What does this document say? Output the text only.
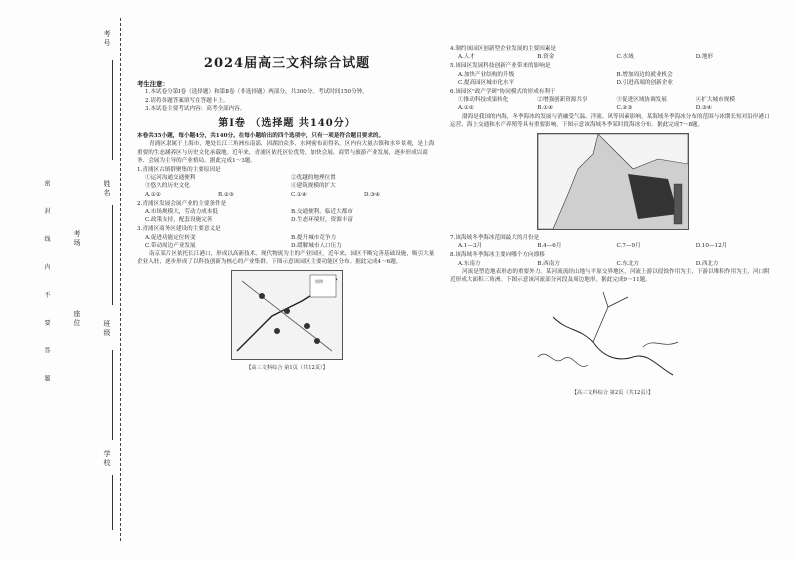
考号
姓名
班级
学校
考场
座位
密 封 线 内 不 要 答 题
2024届高三文科综合试题
考生注意：
1.本试卷分第Ⅰ卷（选择题）和第Ⅱ卷（非选择题）两部分，共300分。考试时间150分钟。
2.请将各题答案填写在答题卡上。
3.本试卷主要考试内容：高考全部内容。
第Ⅰ卷 （选择题 共140分）
本卷共35小题，每小题4分，共140分。在每小题给出的四个选项中，只有一项是符合题目要求的。
青浦区隶属于上海市，地处长江三角洲东南部，因湖泊众多、水网密布而得名。区内有大量古镇和水乡景观，是上海重要的生态涵养区与历史文化承载地。近年来，青浦区依托区位优势，加快会展、商贸与旅游产业发展，逐步形成以商务、会展为主导的产业格局。据此完成1～3题。
1.青浦区古镇群聚集的主要原因是
①运河沟通交通便利	②优越的地理位置
③悠久的历史文化	④建筑规模的扩大
A.①②	B.②③	C.①④	D.③④
2.青浦区发展会展产业的主要条件是
A.市场规模大，劳动力成本低	B.交通便利，临近大都市
C.政策支持，配套设施完善	D.生态环境好，资源丰富
3.青浦区商务区建设的主要意义是
A.促进功能定位转变	B.提升城市竞争力
C.带动周边产业发展	D.缓解城市人口压力
南京某片区依托长江港口，形成以高新技术、现代物流为主的产业园区。近年来，园区不断完善基础设施，吸引大量企业入驻，逐步形成了以科技创新为核心的产业集群。下图示意该园区主要功能区分布。据此完成4～6题。
图例
【高三文科综合 第1页（共12页）】
4.制约该园区创新型企业发展的主要因素是
A.人才	B.资金	C.水域	D.地形
5.该园区发展科技创新产业带来的影响是
A.加快产业结构的升级	B.增加周边的就业机会
C.提高园区城市化水平	D.引进高端的创新企业
6.该园区"政产学研"协同模式的形成有利于
①推动科技成果转化	②增强创新资源共享	③促进区域协调发展	④扩大城市规模
A.①②	B.①④	C.②③	D.③④
渤海是我国的内海，冬季海冰的发展与消融受气温、洋流、风等因素影响。某海域冬季海冰分布的范围与冰期长短对沿岸港口运营、海上交通和水产养殖等具有重要影响。下图示意该海域冬季某时段海冰分布。据此完成7～8题。
7.该海域冬季海冰范围最大的月份是
A.1—3月	B.4—6月	C.7—9月	D.10—12月
8.该海域冬季海冰主要向哪个方向漂移
A.东南方	B.西南方	C.东北方	D.西北方
河流是塑造地表形态的重要外力。某河流流经山地与平原交界地区，河流上游以侵蚀作用为主，下游以堆积作用为主，河口附近形成大面积三角洲。下图示意该河流部分河段及周边地形。据此完成9～11题。
【高三文科综合 第2页（共12页）】
